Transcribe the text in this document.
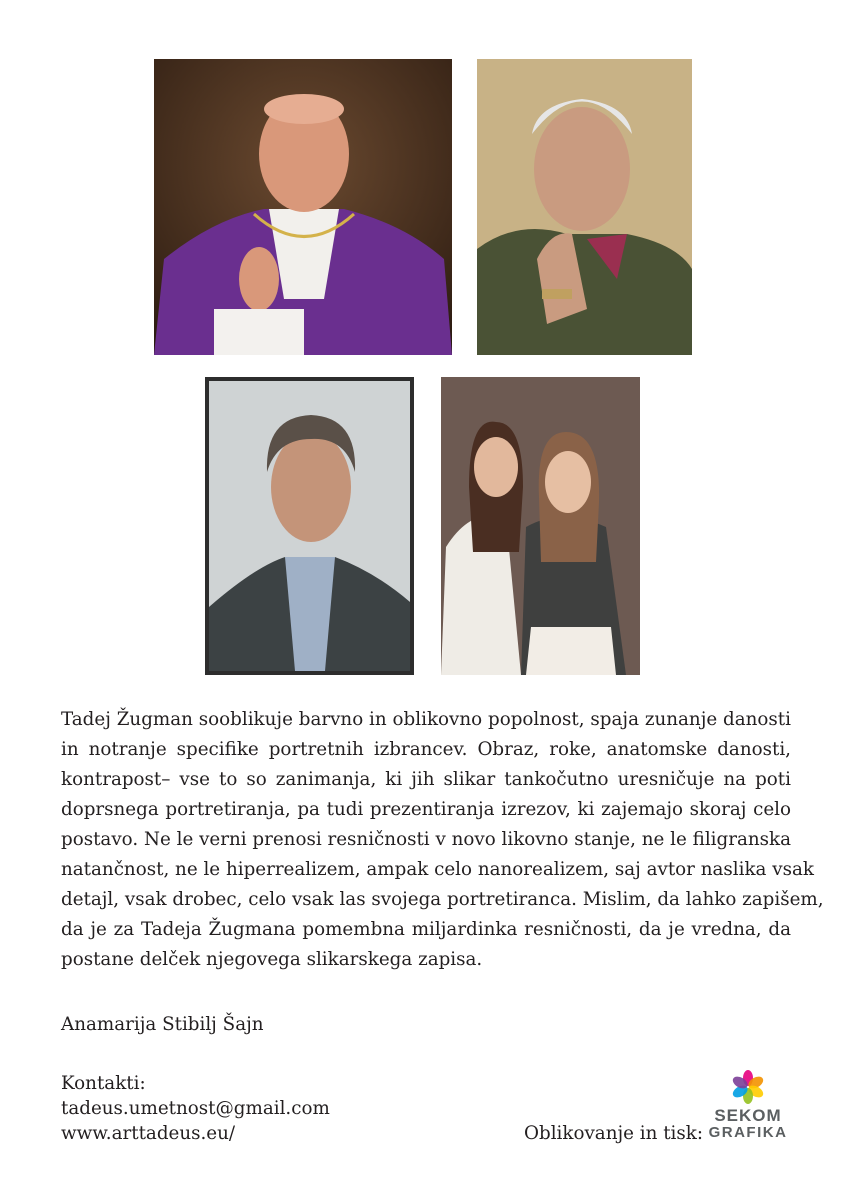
Tadej Žugman sooblikuje barvno in oblikovno popolnost, spaja zunanje danosti
in notranje specifike portretnih izbrancev. Obraz, roke, anatomske danosti,
kontrapost– vse to so zanimanja, ki jih slikar tankočutno uresničuje na poti
doprsnega portretiranja, pa tudi prezentiranja izrezov, ki zajemajo skoraj celo
postavo. Ne le verni prenosi resničnosti v novo likovno stanje, ne le filigranska
natančnost, ne le hiperrealizem, ampak celo nanorealizem, saj avtor naslika vsak
detajl, vsak drobec, celo vsak las svojega portretiranca. Mislim, da lahko zapišem,
da je za Tadeja Žugmana pomembna miljardinka resničnosti, da je vredna, da
postane delček njegovega slikarskega zapisa.

Anamarija Stibilj Šajn

Kontakti:
tadeus.umetnost@gmail.com
www.arttadeus.eu/	Oblikovanje in tisk:

SEKOM
GRAFIKA
